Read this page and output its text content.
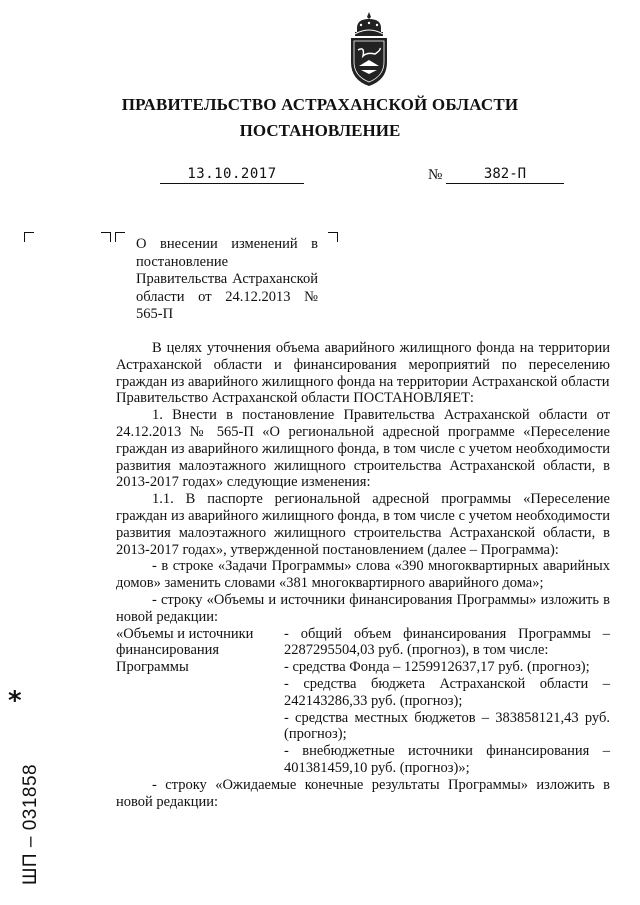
ПРАВИТЕЛЬСТВО АСТРАХАНСКОЙ ОБЛАСТИ
ПОСТАНОВЛЕНИЕ
13.10.2017	№	382-П
О внесении изменений в постановление Правительства Астраханской области от 24.12.2013 № 565-П

В целях уточнения объема аварийного жилищного фонда на территории Астраханской области и финансирования мероприятий по переселению граждан из аварийного жилищного фонда на территории Астраханской области

Правительство Астраханской области ПОСТАНОВЛЯЕТ:

1. Внести в постановление Правительства Астраханской области от 24.12.2013 № 565-П «О региональной адресной программе «Переселение граждан из аварийного жилищного фонда, в том числе с учетом необходимости развития малоэтажного жилищного строительства Астраханской области, в 2013-2017 годах» следующие изменения:

1.1. В паспорте региональной адресной программы «Переселение граждан из аварийного жилищного фонда, в том числе с учетом необходимости развития малоэтажного жилищного строительства Астраханской области, в 2013-2017 годах», утвержденной постановлением (далее – Программа):

- в строке «Задачи Программы» слова «390 многоквартирных аварийных домов» заменить словами «381 многоквартирного аварийного дома»;

- строку «Объемы и источники финансирования Программы» изложить в новой редакции:

«Объемы и источники финансирования Программы

- общий объем финансирования Программы – 2287295504,03 руб. (прогноз), в том числе:

- средства Фонда – 1259912637,17 руб. (прогноз);

- средства бюджета Астраханской области – 242143286,33 руб. (прогноз);

- средства местных бюджетов – 383858121,43 руб. (прогноз);

- внебюджетные источники финансирования – 401381459,10 руб. (прогноз)»;

- строку «Ожидаемые конечные результаты Программы» изложить в новой редакции:

*
ШП – 031858
